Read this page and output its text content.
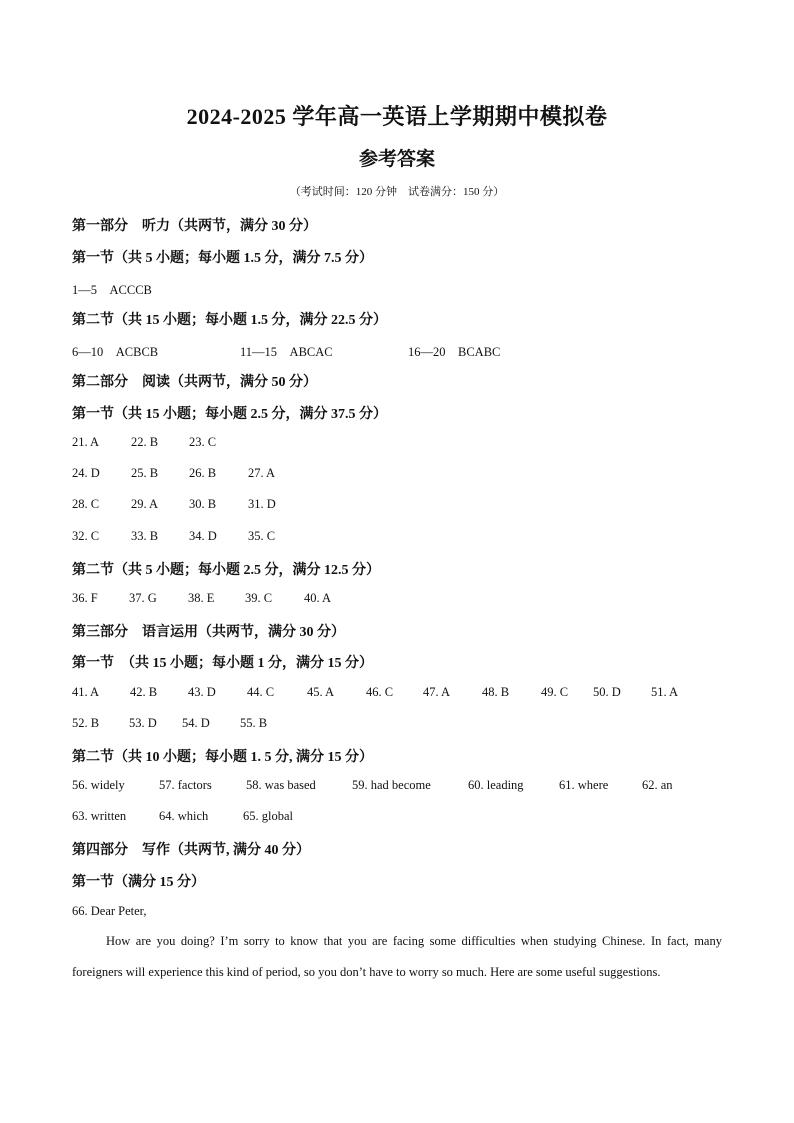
2024-2025 学年高一英语上学期期中模拟卷
参考答案
（考试时间：120 分钟　试卷满分：150 分）
第一部分　听力（共两节，满分 30 分）
第一节（共 5 小题；每小题 1.5 分，满分 7.5 分）
1—5　ACCCB
第二节（共 15 小题；每小题 1.5 分，满分 22.5 分）
6—10　ACBCB	11—15　ABCAC	16—20　BCABC
第二部分　阅读（共两节，满分 50 分）
第一节（共 15 小题；每小题 2.5 分，满分 37.5 分）
21. A	22. B 23. C
24. D 25. B 26. B	27. A
28. C	29. A 30. B	31. D
32. C	33. B 34. D 35. C
第二节（共 5 小题；每小题 2.5 分，满分 12.5 分）
36. F	37. G 38. E 39. C	40. A
第三部分　语言运用（共两节，满分 30 分）
第一节　（共 15 小题；每小题 1 分，满分 15 分）
41. A 42. B 43. D 44. C	45. A	46. C 47. A	48. B	49. C 50. D 51. A
52. B 53. D 54. D 55. B
第二节（共 10 小题；每小题 1. 5 分, 满分 15 分）
56. widely	57. factors	58. was based	59. had become	60. leading	61. where	62. an
63. written	64. which	65. global
第四部分　写作（共两节, 满分 40 分）
第一节（满分 15 分）
66. Dear Peter,
How are you doing? I’m sorry to know that you are facing some difficulties when studying Chinese. In fact, many foreigners will experience this kind of period, so you don’t have to worry so much. Here are some useful suggestions.
